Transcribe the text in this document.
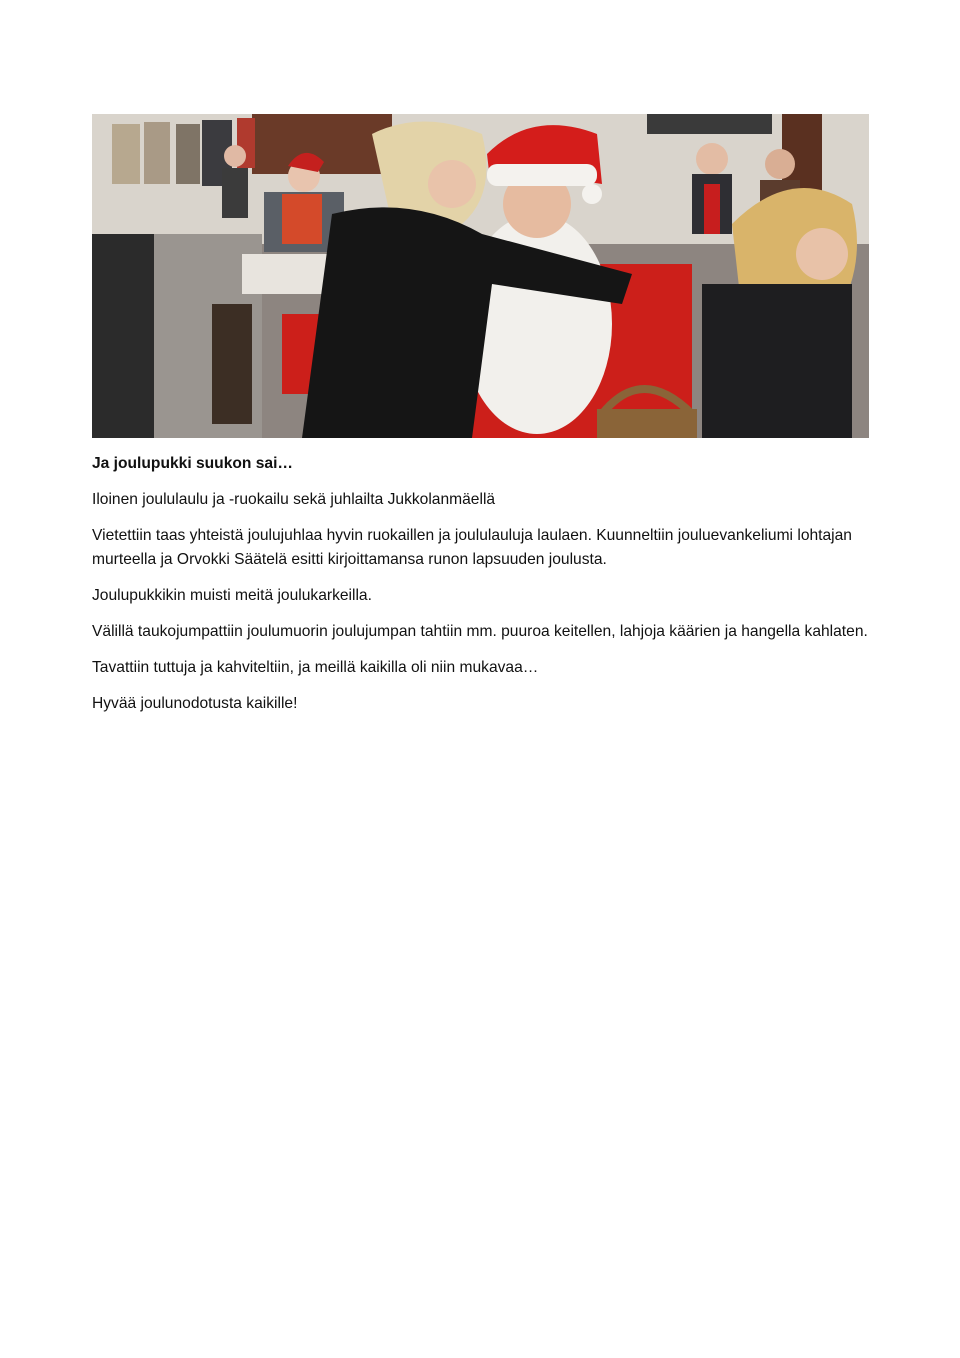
Ja joulupukki suukon sai…

Iloinen joululaulu ja -ruokailu sekä juhlailta Jukkolanmäellä

Vietettiin taas yhteistä joulujuhlaa hyvin ruokaillen ja joululauluja laulaen. Kuunneltiin jouluevankeliumi lohtajan murteella ja Orvokki Säätelä esitti kirjoittamansa runon lapsuuden joulusta.

Joulupukkikin muisti meitä joulukarkeilla.

Välillä taukojumpattiin joulumuorin joulujumpan tahtiin mm. puuroa keitellen, lahjoja käärien ja hangella kahlaten.

Tavattiin tuttuja ja kahviteltiin, ja meillä kaikilla oli niin mukavaa…

Hyvää joulunodotusta kaikille!
